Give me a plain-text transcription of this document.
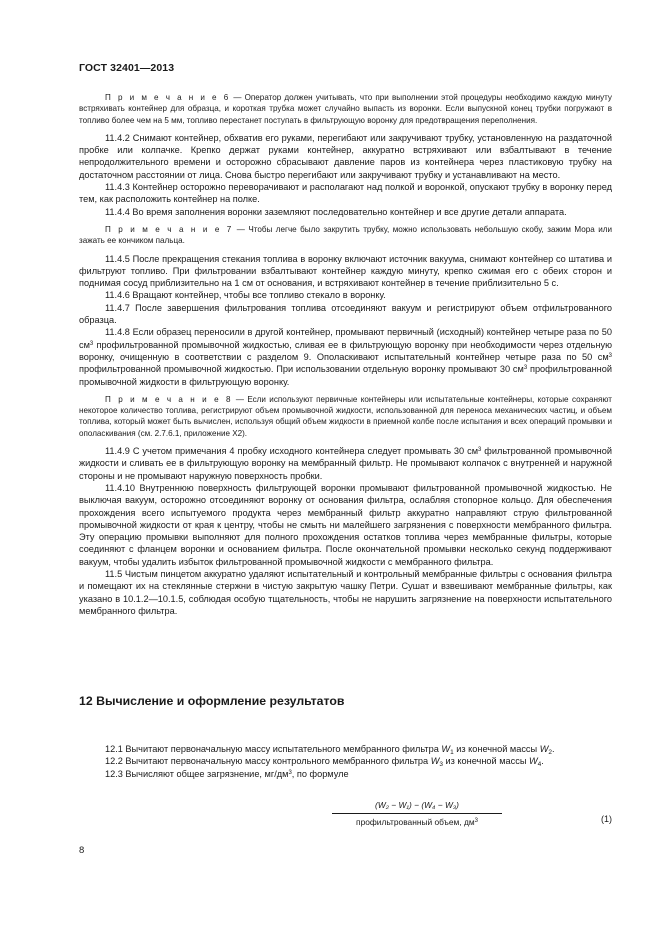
ГОСТ 32401—2013

П р и м е ч а н и е 6 — Оператор должен учитывать, что при выполнении этой процедуры необходимо каждую минуту встряхивать контейнер для образца, и короткая трубка может случайно выпасть из воронки. Если выпускной конец трубки погружают в топливо более чем на 5 мм, топливо перестанет поступать в фильтрующую воронку для предотвращения переполнения.

11.4.2 Снимают контейнер, обхватив его руками, перегибают или закручивают трубку, установленную на раздаточной пробке или колпачке. Крепко держат руками контейнер, аккуратно встряхивают или взбалтывают в течение непродолжительного времени и осторожно сбрасывают давление паров из контейнера через пластиковую трубку на достаточном расстоянии от лица. Снова быстро перегибают или закручивают трубку и устанавливают на место.

11.4.3 Контейнер осторожно переворачивают и располагают над полкой и воронкой, опускают трубку в воронку перед тем, как расположить контейнер на полке.

11.4.4 Во время заполнения воронки заземляют последовательно контейнер и все другие детали аппарата.

П р и м е ч а н и е 7 — Чтобы легче было закрутить трубку, можно использовать небольшую скобу, зажим Мора или зажать ее кончиком пальца.

11.4.5 После прекращения стекания топлива в воронку включают источник вакуума, снимают контейнер со штатива и фильтруют топливо. При фильтровании взбалтывают контейнер каждую минуту, крепко сжимая его с обеих сторон и поднимая сосуд приблизительно на 1 см от основания, и встряхивают контейнер в течение приблизительно 5 с.

11.4.6 Вращают контейнер, чтобы все топливо стекало в воронку.

11.4.7 После завершения фильтрования топлива отсоединяют вакуум и регистрируют объем отфильтрованного образца.

11.4.8 Если образец переносили в другой контейнер, промывают первичный (исходный) контейнер четыре раза по 50 $см^3$ профильтрованной промывочной жидкостью, сливая ее в фильтрующую воронку при необходимости через отдельную воронку, очищенную в соответствии с разделом 9. Ополаскивают испытательный контейнер четыре раза по 50 $см^3$ профильтрованной промывочной жидкостью. При использовании отдельную воронку промывают 30 $см^3$ профильтрованной промывочной жидкости в фильтрующую воронку.

П р и м е ч а н и е 8 — Если используют первичные контейнеры или испытательные контейнеры, которые сохраняют некоторое количество топлива, регистрируют объем промывочной жидкости, использованной для переноса механических частиц, и объем топлива, который может быть вычислен, используя общий объем жидкости в приемной колбе после испытания и всех операций промывки и ополаскивания (см. 2.7.6.1, приложение Х2).

11.4.9 С учетом примечания 4 пробку исходного контейнера следует промывать 30 $см^3$ фильтрованной промывочной жидкости и сливать ее в фильтрующую воронку на мембранный фильтр. Не промывают колпачок с внутренней и наружной стороны и не промывают наружную поверхность пробки.

11.4.10 Внутреннюю поверхность фильтрующей воронки промывают фильтрованной промывочной жидкостью. Не выключая вакуум, осторожно отсоединяют воронку от основания фильтра, ослабляя стопорное кольцо. Для обеспечения прохождения всего испытуемого продукта через мембранный фильтр аккуратно направляют струю фильтрованной промывочной жидкости от края к центру, чтобы не смыть ни малейшего загрязнения с поверхности мембранного фильтра. Эту операцию промывки выполняют для полного прохождения остатков топлива через мембранные фильтры, которые соединяют с фланцем воронки и основанием фильтра. После окончательной промывки несколько секунд поддерживают вакуум, чтобы удалить избыток фильтрованной промывочной жидкости с мембранного фильтра.

11.5 Чистым пинцетом аккуратно удаляют испытательный и контрольный мембранные фильтры с основания фильтра и помещают их на стеклянные стержни в чистую закрытую чашку Петри. Сушат и взвешивают мембранные фильтры, как указано в 10.1.2—10.1.5, соблюдая особую тщательность, чтобы не нарушить загрязнение на поверхности испытательного мембранного фильтра.

12 Вычисление и оформление результатов

12.1 Вычитают первоначальную массу испытательного мембранного фильтра $W_1$ из конечной массы $W_2$.

12.2 Вычитают первоначальную массу контрольного мембранного фильтра $W_3$ из конечной массы $W_4$.

12.3 Вычисляют общее загрязнение, $мг/дм^3$, по формуле

(W₂ − W₁) − (W₄ − W₃)
профильтрованный объем, $дм^3$	(1)
8
